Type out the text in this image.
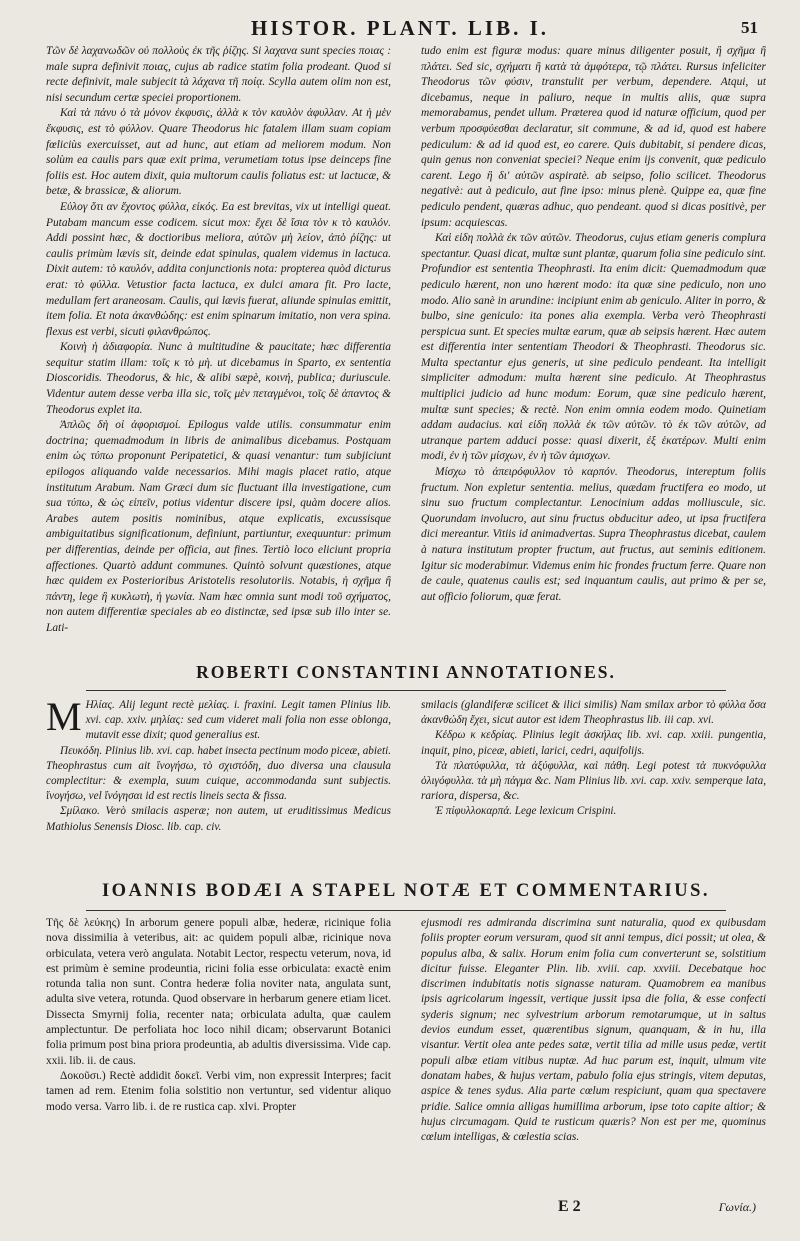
HISTOR. PLANT. LIB. I.	51

Τῶν δὲ λαχανωδῶν οὐ πολλοὺς ἐκ τῆς ῥίζης. Si λαχανα sunt species ποιας : male supra definivit ποιας, cujus ab radice statim folia prodeant. Quod si recte definivit, male subjecit tà λάχανα τῆ ποίᾳ. Scylla autem olim non est, nisi secundum certæ speciei proportionem.

Καὶ τὰ πάνυ ὁ τὰ μόνον ἐκφυσις, ἀλλὰ κ τὸν καυλὸν ἀφυλλαν. At ἡ μὲν ἔκφυσις, est τὸ φύλλον. Quare Theodorus hic fatalem illam suam copiam fœliciùs exercuisset, aut ad hunc, aut etiam ad meliorem modum. Non solùm ea caulis pars quæ exit prima, verumetiam totus ipse deinceps fine foliis est. Hoc autem dixit, quia multorum caulis foliatus est: ut lactucæ, & betæ, & brassicæ, & aliorum.

Εὐλογ ὅτι αν ἔχοντος φύλλα, εἰκός. Ea est brevitas, vix ut intelligi queat. Putabam mancum esse codicem. sicut mox: ἔχει δὲ ἴσια τὸν κ τὸ καυλόν. Addi possint hæc, & doctioribus meliora, αὐτῶν μὴ λείον, ἀπὸ ῥίζης: ut caulis primùm lævis sit, deinde edat spinulas, qualem videmus in lactuca. Dixit autem: τὸ καυλόν, addita conjunctionis nota: propterea quòd dicturus erat: τὸ φύλλα. Vetustior facta lactuca, ex dulci amara fit. Pro lacte, medullam fert araneosam. Caulis, qui lævis fuerat, aliunde spinulas emittit, item folia. Et nota ἀκανθώδης: est enim spinarum imitatio, non vera spina. flexus est verbi, sicuti φιλανθρώπος.

Κοινὴ ἡ ἀδιαφορία. Nunc à multitudine & paucitate; hæc differentia sequitur statim illam: τοῖς κ τὸ μὴ. ut dicebamus in Sparto, ex sententia Dioscoridis. Theodorus, & hic, & alibi sæpè, κοινή, publica; duriuscule. Videntur autem desse verba illa sic, τοῖς μὲν πεταγμένοι, τοῖς δὲ ἀπαντος & Theodorus explet ita.

Ἀπλῶς δὴ οἱ ἀφορισμοί. Epilogus valde utilis. consummatur enim doctrina; quemadmodum in libris de animalibus dicebamus. Postquam enim ὡς τύπω proponunt Peripatetici, & quasi venantur: tum subjiciunt epilogos aliquando valde necessarios. Mihi magis placet ratio, atque institutum Arabum. Nam Græci dum sic fluctuant illa investigatione, cum sua τύπω, & ὡς εἰπεῖν, potius videntur discere ipsi, quàm docere alios. Arabes autem positis nominibus, atque explicatis, excussisque ambiguitatibus significationum, definiunt, partiuntur, exequuntur: primum per differentias, deinde per officia, aut fines. Tertiò loco eliciunt propria affectiones. Quartò addunt communes. Quintò solvunt quæstiones, atque hæc quidem ex Posterioribus Aristotelis resolutoriis. Notabis, ἡ σχῆμα ἢ πάντη, lege ἢ κυκλωτὴ, ἡ γωνία. Nam hæc omnia sunt modi τοῦ σχήματος, non autem differentiæ speciales ab eo distinctæ, sed ipsæ sub illo inter se. Lati-

tudo enim est figuræ modus: quare minus diligenter posuit, ἢ σχῆμα ἢ πλάτει. Sed sic, σχήματι ἢ κατὰ τὰ ἀμφότερα, τῷ πλάτει. Rursus infeliciter Theodorus τῶν φύσιν, transtulit per verbum, dependere. Atqui, ut dicebamus, neque in paliuro, neque in multis aliis, quæ supra memorabamus, pendet ullum. Præterea quod id naturæ officium, quod per verbum προσφύεσθαι declaratur, sit commune, & ad id, quod est habere pediculum: & ad id quod est, eo carere. Quis dubitabit, si pendere dicas, quin genus non conveniat speciei? Neque enim ijs convenit, quæ pediculo carent. Lego ἢ δι' αὐτῶν aspiratè. ab seipso, folio scilicet. Theodorus negativè: aut à pediculo, aut fine ipso: minus plenè. Quippe ea, quæ fine pediculo pendent, quæras adhuc, quo pendeant. quod si dicas positivè, per ipsum: acquiescas.

Καὶ εἰδη πολλὰ ἐκ τῶν αὐτῶν. Theodorus, cujus etiam generis complura spectantur. Quasi dicat, multæ sunt plantæ, quarum folia sine pediculo sint. Profundior est sententia Theophrasti. Ita enim dicit: Quemadmodum quæ pediculo hærent, non uno hærent modo: ita quæ sine pediculo, non uno modo. Alio sanè in arundine: incipiunt enim ab geniculo. Aliter in porro, & bulbo, sine geniculo: ita pones alia exempla. Verba verò Theophrasti perspicua sunt. Et species multæ earum, quæ ab seipsis hærent. Hæc autem est differentia inter sententiam Theodori & Theophrasti. Theodorus sic. Multa spectantur ejus generis, ut sine pediculo pendeant. Ita intelligit simpliciter admodum: multa hærent sine pediculo. At Theophrastus multiplici judicio ad hunc modum: Eorum, quæ sine pediculo hærent, multæ sunt species; & rectè. Non enim omnia eodem modo. Quinetiam addam audacius. καὶ εἰδη πολλὰ ἐκ τῶν αὐτῶν. τὸ ἐκ τῶν αὐτῶν, ad utranque partem adduci posse: quasi dixerit, ἐξ ἑκατέρων. Multi enim modi, ἐν ἡ τῶν μίσχων, ἐν ἡ τῶν ἀμισχων.

Μίσχω τὸ ἀπειρόφυλλον τὸ καρπόν. Theodorus, intereptum foliis fructum. Non expletur sententia. melius, quædam fructifera eo modo, ut sinu suo fructum complectantur. Lenocinium addas molliuscule, sic. Quorundam involucro, aut sinu fructus obducitur adeo, ut ipsa fructifera dici mereantur. Vitiis id animadvertas. Supra Theophrastus dicebat, caulem à natura institutum propter fructum, aut fructus, aut seminis editionem. Igitur sic moderabimur. Videmus enim hic frondes fructum ferre. Quare non de caule, quatenus caulis est; sed inquantum caulis, aut primo & per se, aut officio foliorum, quæ ferat.

ROBERTI CONSTANTINI ANNOTATIONES.
M Ηλίας. Alij legunt rectè μελίας. i. fraxini. Legit tamen Plinius lib. xvi. cap. xxiv. μηλίας: sed cum videret mali folia non esse oblonga, mutavit esse dixit; quod generalius est.

Πευκόδη. Plinius lib. xvi. cap. habet insecta pectinum modo piceæ, abieti. Theophrastus cum ait ἴνογήσω, τὸ σχιστόδη, duo diversa una clausula complectitur: & exempla, suum cuique, accommodanda sunt subjectis. ἴνογήσω, vel ἴνόγησαι id est rectis lineis secta & fissa.

Σμίλακο. Verò smilacis asperæ; non autem, ut eruditissimus Medicus Mathiolus Senensis Diosc. lib. cap. civ.

smilacis (glandiferæ scilicet & ilici similis) Nam smilax arbor τὸ φύλλα ὅσα ἀκανθώδη ἔχει, sicut autor est idem Theophrastus lib. iii cap. xvi.

Κέδρω κ κεδρίας. Plinius legit ἀσκήλας lib. xvi. cap. xxiii. pungentia, inquit, pino, piceæ, abieti, larici, cedri, aquifolijs.

Τὰ πλατύφυλλα, τὰ ἀξύφυλλα, καὶ πάθη. Legi potest τὰ πυκνόφυλλα ὀλιγόφυλλα. τὰ μὴ πάγμα &c. Nam Plinius lib. xvi. cap. xxiv. semperque lata, rariora, dispersa, &c.

Ἐ πίφυλλοκαρπά. Lege lexicum Crispini.

IOANNIS BODÆI A STAPEL NOTÆ ET COMMENTARIUS.

Τῆς δὲ λεύκης) In arborum genere populi albæ, hederæ, ricinique folia nova dissimilia à veteribus, ait: ac quidem populi albæ, ricinique nova orbiculata, vetera verò angulata. Notabit Lector, respectu veterum, nova, id est primùm è semine prodeuntia, ricini folia esse orbiculata: exactè enim rotunda talia non sunt. Contra hederæ folia noviter nata, angulata sunt, adulta sive vetera, rotunda. Quod observare in herbarum genere etiam licet. Dissecta Smyrnij folia, recenter nata; orbiculata adulta, quæ caulem amplectuntur. De perfoliata hoc loco nihil dicam; observarunt Botanici folia primum post bina priora prodeuntia, ab adultis diversissima. Vide cap. xxii. lib. ii. de caus.

Δοκοῦσι.) Rectè addidit δοκεῖ. Verbi vim, non expressit Interpres; facit tamen ad rem. Etenim folia solstitio non vertuntur, sed videntur aliquo modo versa. Varro lib. i. de re rustica cap. xlvi. Propter

ejusmodi res admiranda discrimina sunt naturalia, quod ex quibusdam foliis propter eorum versuram, quod sit anni tempus, dici possit; ut olea, & populus alba, & salix. Horum enim folia cum converterunt se, solstitium dicitur fuisse. Eleganter Plin. lib. xviii. cap. xxviii. Decebatque hoc discrimen indubitatis notis signasse naturam. Quamobrem ea manibus ipsis agricolarum ingessit, vertique jussit ipsa die folia, & esse confecti syderis signum; nec sylvestrium arborum remotarumque, ut in saltus devios eundum esset, quærentibus signum, quanquam, & in hu, illa visantur. Vertit olea ante pedes satæ, vertit tilia ad mille usus pedæ, vertit populi albæ etiam vitibus nuptæ. Ad huc parum est, inquit, ulmum vite donatam habes, & hujus vertam, pabulo folia ejus stringis, vitem deputas, aspice & tenes sydus. Alia parte cœlum respiciunt, quam qua spectavere pridie. Salice omnia alligas humillima arborum, ipse toto capite altior; & hujus circumagam. Quid te rusticum quæris? Non est per me, quominus cœlum intelligas, & cœlestia scias.

E 2	Γωνία.)
